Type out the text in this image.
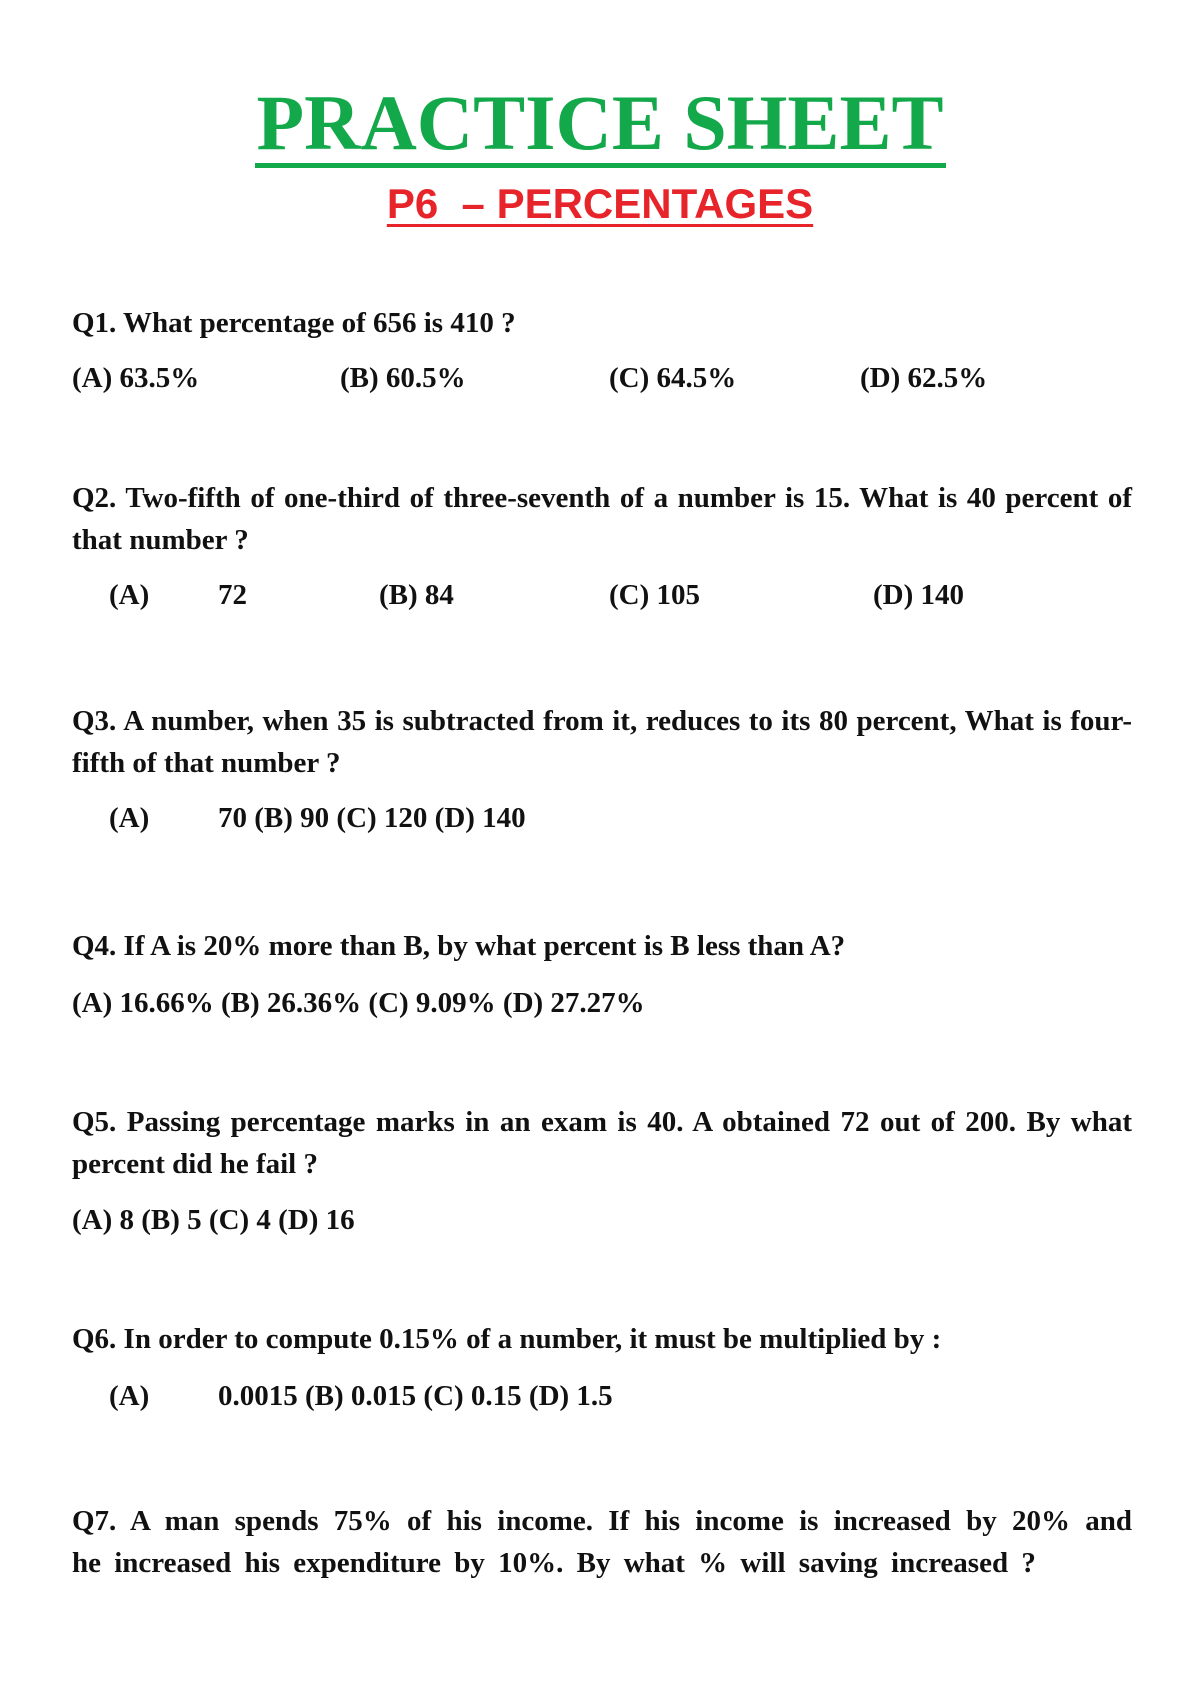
PRACTICE SHEET
P6  – PERCENTAGES
Q1. What percentage of 656 is 410 ?
(A) 63.5%	(B) 60.5%	(C) 64.5%	(D) 62.5%
Q2. Two-fifth of one-third of three-seventh of a number is 15. What is 40 percent of that number ?
(A) 72	(B) 84	(C) 105	(D) 140
Q3. A number, when 35 is subtracted from it, reduces to its 80 percent, What is four-fifth of that number ?
(A) 70 (B) 90 (C) 120 (D) 140
Q4. If A is 20% more than B, by what percent is B less than A?
(A) 16.66% (B) 26.36% (C) 9.09% (D) 27.27%
Q5. Passing percentage marks in an exam is 40. A obtained 72 out of 200. By what percent did he fail ?
(A) 8 (B) 5 (C) 4 (D) 16
Q6. In order to compute 0.15% of a number, it must be multiplied by :
(A) 0.0015 (B) 0.015 (C) 0.15 (D) 1.5
Q7. A man spends 75% of his income. If his income is increased by 20% and he increased his expenditure by 10%. By what % will saving increased ?
